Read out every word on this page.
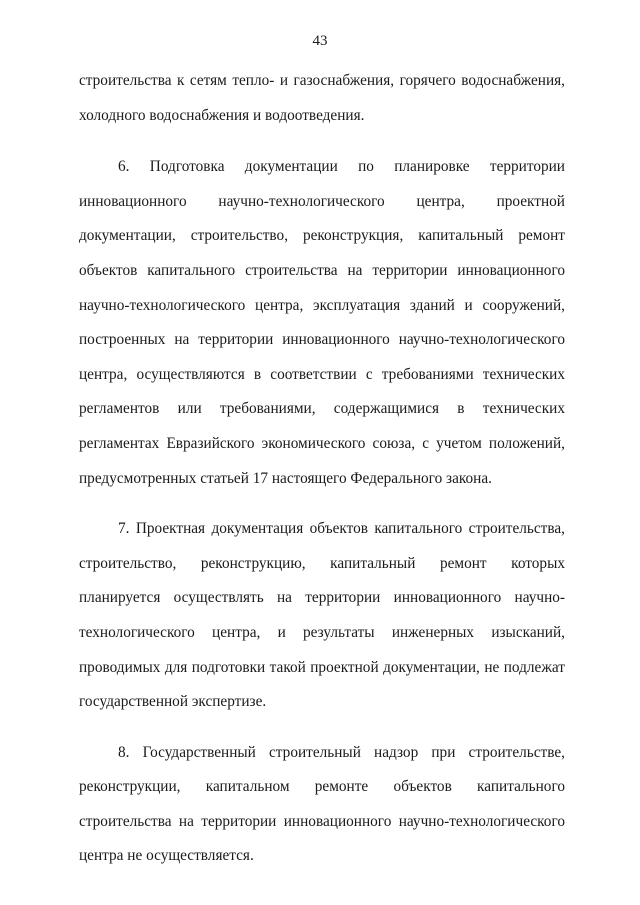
43

строительства к сетям тепло- и газоснабжения, горячего водоснабжения, холодного водоснабжения и водоотведения.

6. Подготовка документации по планировке территории инновационного научно-технологического центра, проектной документации, строительство, реконструкция, капитальный ремонт объектов капитального строительства на территории инновационного научно-технологического центра, эксплуатация зданий и сооружений, построенных на территории инновационного научно-технологического центра, осуществляются в соответствии с требованиями технических регламентов или требованиями, содержащимися в технических регламентах Евразийского экономического союза, с учетом положений, предусмотренных статьей 17 настоящего Федерального закона.

7. Проектная документация объектов капитального строительства, строительство, реконструкцию, капитальный ремонт которых планируется осуществлять на территории инновационного научно-технологического центра, и результаты инженерных изысканий, проводимых для подготовки такой проектной документации, не подлежат государственной экспертизе.

8. Государственный строительный надзор при строительстве, реконструкции, капитальном ремонте объектов капитального строительства на территории инновационного научно-технологического центра не осуществляется.
